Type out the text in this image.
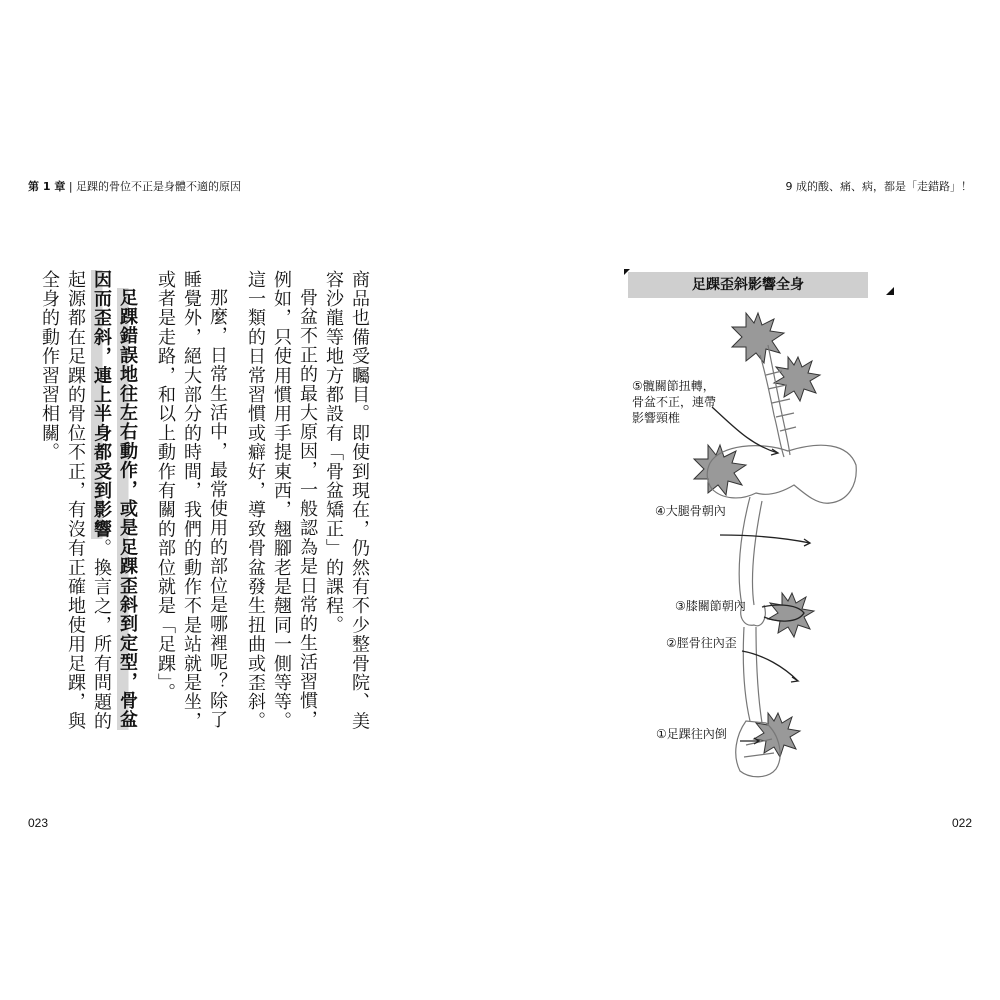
第 1 章 | 足踝的骨位不正是身體不適的原因

商品也備受矚目。即使到現在，仍然有不少整骨院、美容沙龍等地方都設有「骨盆矯正」的課程。

骨盆不正的最大原因，一般認為是日常的生活習慣，例如，只使用慣用手提東西，翹腳老是翹同一側等等。這一類的日常習慣或癖好，導致骨盆發生扭曲或歪斜。

那麼，日常生活中，最常使用的部位是哪裡呢？除了睡覺外，絕大部分的時間，我們的動作不是站就是坐，或者是走路，和以上動作有關的部位就是「足踝」。

足踝錯誤地往左右動作，或是足踝歪斜到定型，骨盆因而歪斜，連上半身都受到影響。換言之，所有問題的起源都在足踝的骨位不正，有沒有正確地使用足踝，與全身的動作習習相關。

023
9 成的酸、痛、病，都是「走錯路」！
足踝歪斜影響全身
⑤髖關節扭轉，
骨盆不正，連帶
影響頸椎
④大腿骨朝內
③膝關節朝內
②脛骨往內歪
①足踝往內倒
022
